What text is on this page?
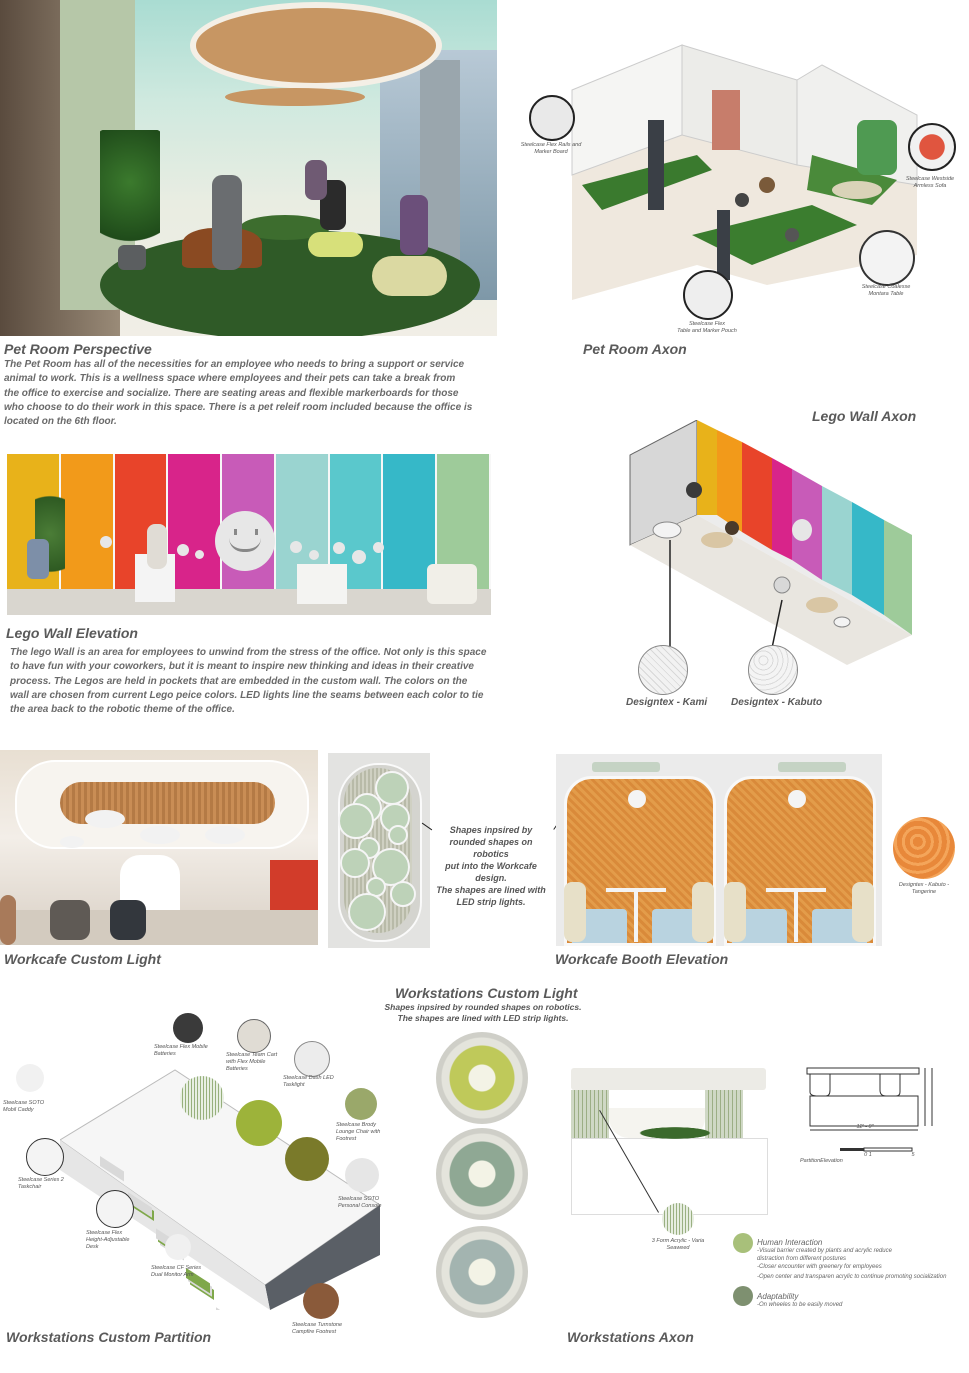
Pet Room Perspective
The Pet Room has all of the necessities for an employee who needs to bring a support or service
animal to work. This is a wellness space where employees and their pets can take a break from
the office to exercise and socialize. There are seating areas and flexible markerboards for those
who choose to do their work in this space. There is a pet releif room included because the office is
located on the 6th floor.
Steelcase Flex Rails and
Marker Board
Steelcase Westside
Armless Sofa
Steelcase Coalesse
Montara Table
Steelcase Flex
Table and Marker Pouch
Pet Room Axon
Lego Wall Axon
Lego Wall Elevation
The lego Wall is an area for employees to unwind from the stress of the office. Not only is this space
to have fun with your coworkers, but it is meant to inspire new thinking and ideas in their creative
process. The Legos are held in pockets that are embedded in the custom wall. The colors on the
wall are chosen from current Lego peice colors. LED lights line the seams between each color to tie
the area back to the robotic theme of the office.
Designtex - Kami Designtex - Kabuto
Workcafe Custom Light
Shapes inpsired by
rounded shapes on robotics
put into the Workcafe design.
The shapes are lined with
LED strip lights.
Designtex - Kabuto -
Tangerine
Workcafe Booth Elevation
Workstations Custom Light
Shapes inpsired by rounded shapes on robotics.
The shapes are lined with LED strip lights.
Steelcase Flex Mobile
Batteries	Steelcase Team Cart
with Flex Mobile
Batteries
Steelcase Dash LED
Tasklight
Steelcase SOTO
Mobil Caddy
Steelcase Brody
Lounge Chair with
Footrest
Steelcase Series 2
Taskchair
Steelcase SOTO
Personal Console
Steelcase Flex
Height-Adjustable
Desk
Steelcase CF Series
Dual Monitor Arm
Steelcase Turnstone
Campfire Footrest
Workstations Custom Partition
3 Form Acrylic - Varia
Seaweed
12' - 0"
0 1	5
PartitionElevation
Human Interaction
-Visual barrier created by plants and acrylic reduce
distraction from different postures
-Closer encounter with greenery for employees
-Open center and transparen acrylic to continue promoting socialization
Adaptability
-On wheeles to be easily moved
Workstations Axon
